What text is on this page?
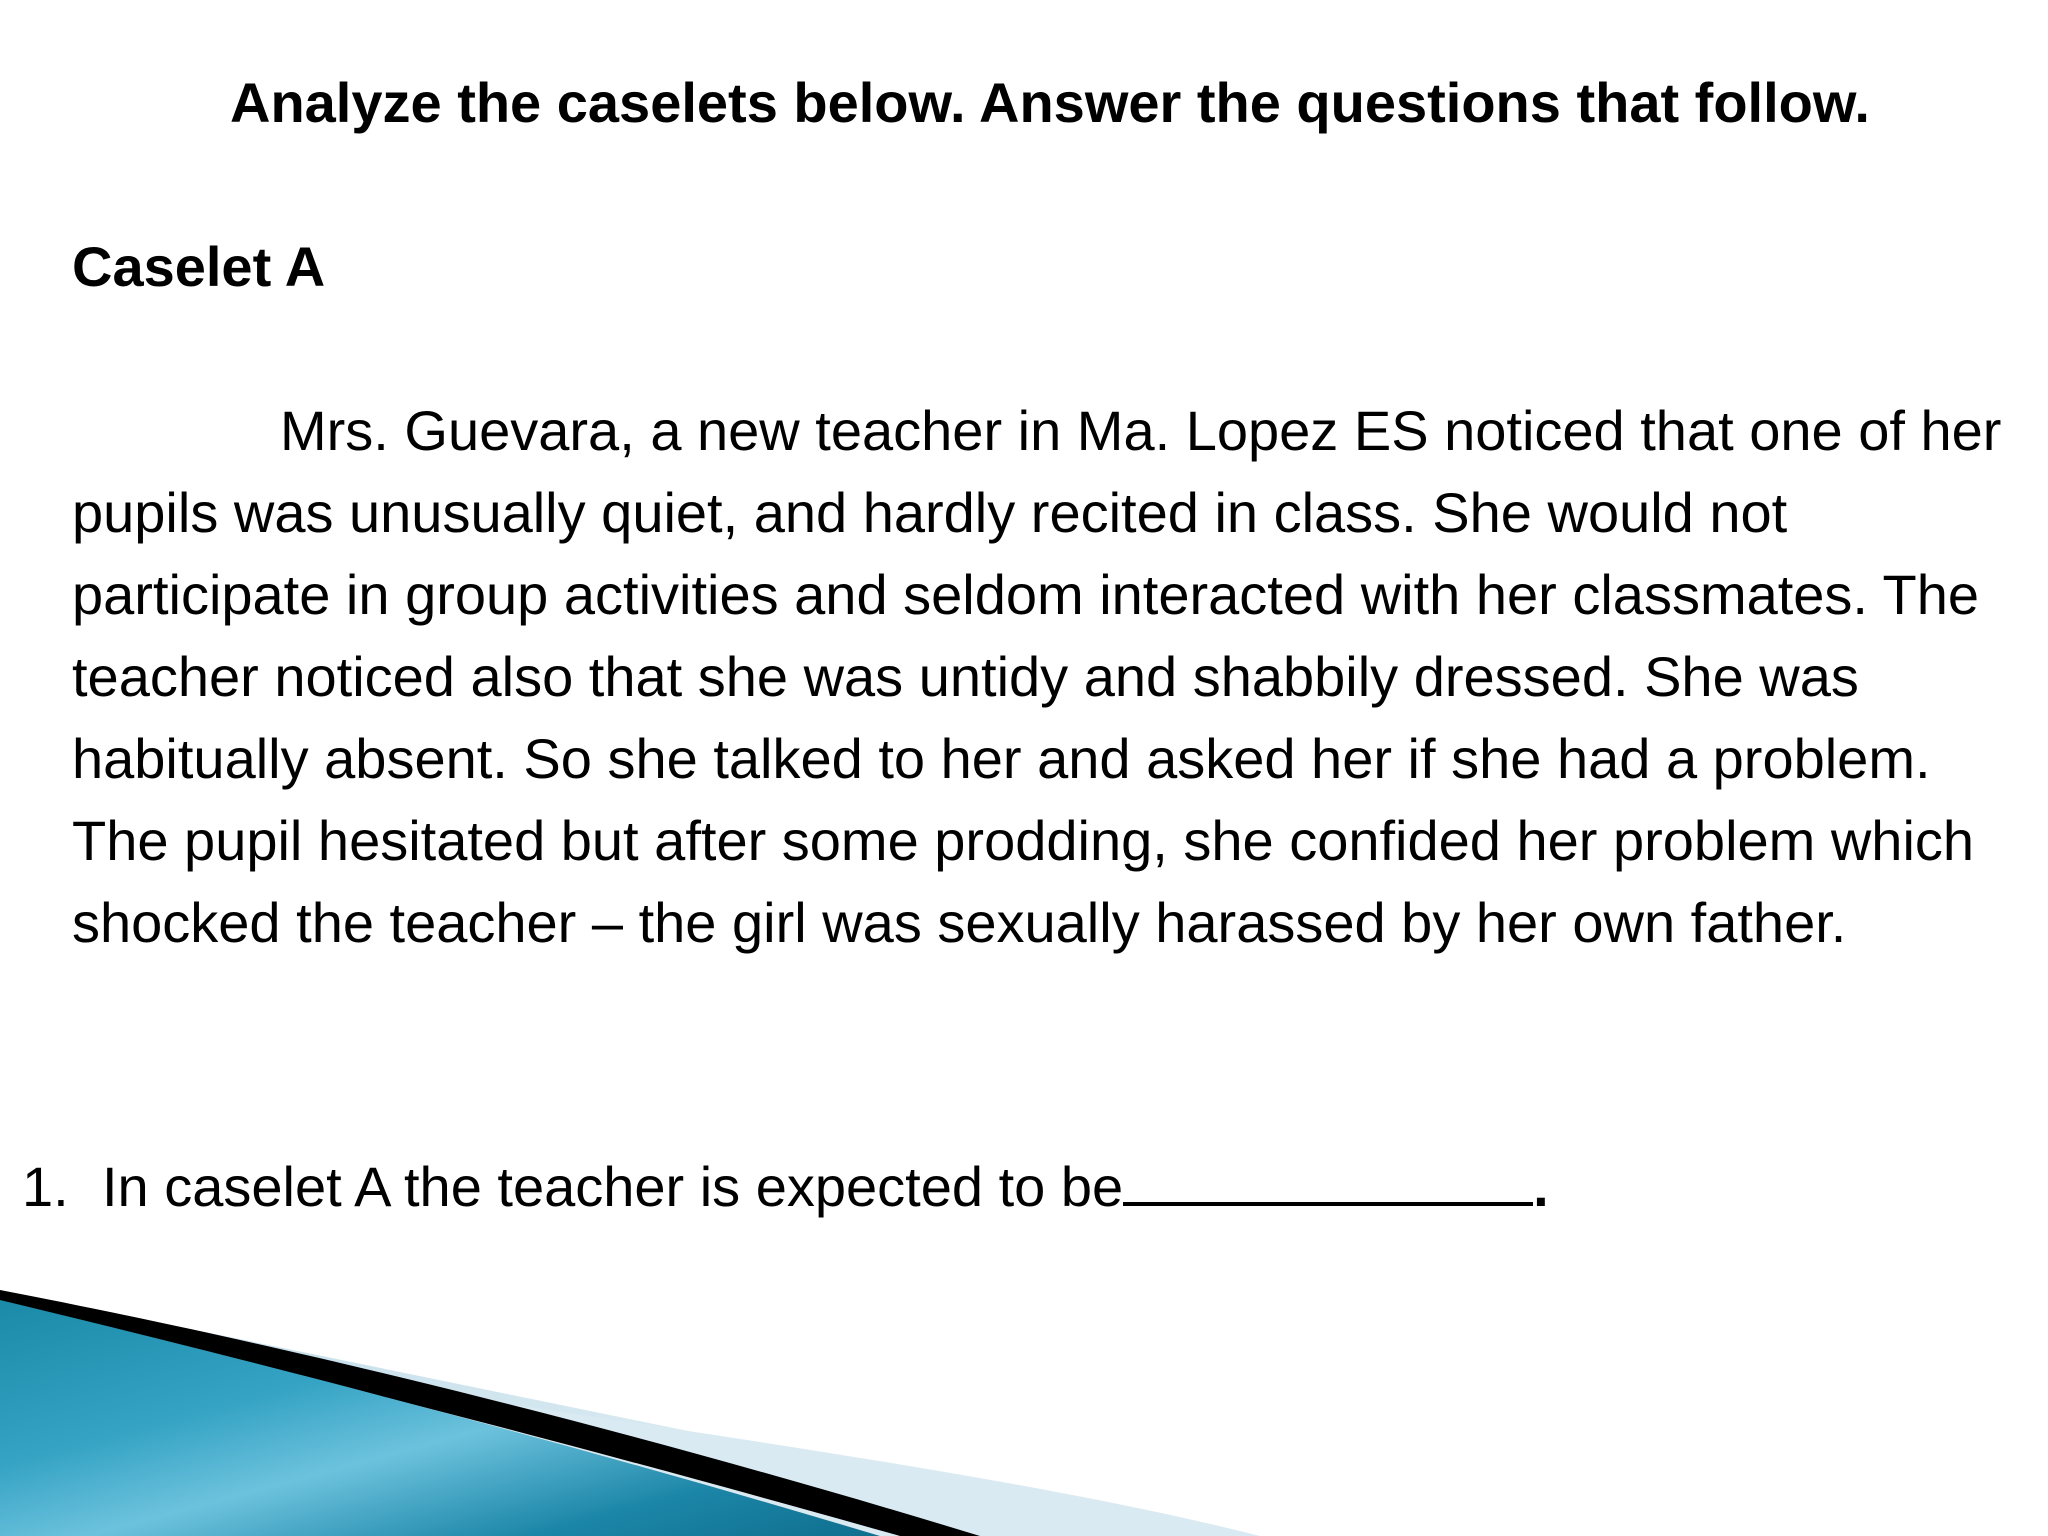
Analyze the caselets below. Answer the questions that follow.

Caselet A

Mrs. Guevara, a new teacher in Ma. Lopez ES noticed that one of her pupils was unusually quiet, and hardly recited in class. She would not participate in group activities and seldom interacted with her classmates. The teacher noticed also that she was untidy and shabbily dressed. She was habitually absent. So she talked to her and asked her if she had a problem. The pupil hesitated but after some prodding, she confided her problem which shocked the teacher – the girl was sexually harassed by her own father.

1. In caselet A the teacher is expected to be	.
